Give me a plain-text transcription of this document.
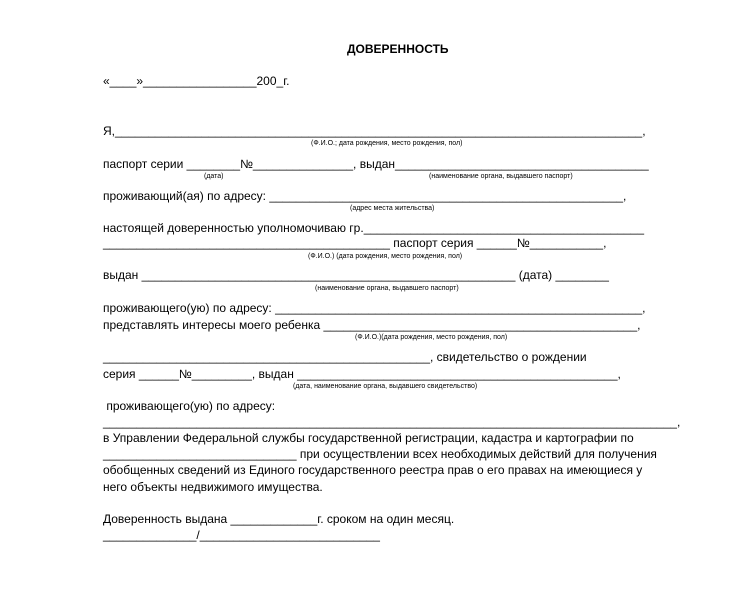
ДОВЕРЕННОСТЬ
«____»_________________200_г.
Я,_______________________________________________________________________________,
(Ф.И.О.; дата рождения, место рождения, пол)
паспорт серии ________№_______________, выдан______________________________________
(дата)	(наименование органа, выдавшего паспорт)
проживающий(ая) по адресу: _____________________________________________________,
(адрес места жительства)
настоящей доверенностью уполномочиваю гр.__________________________________________
___________________________________________ паспорт серия ______№___________,
(Ф.И.О.) (дата рождения, место рождения, пол)
выдан ________________________________________________________ (дата) ________
(наименование органа, выдавшего паспорт)
проживающего(ую) по адресу: _______________________________________________________,
представлять интересы моего ребенка _______________________________________________,
(Ф.И.О.)(дата рождения, место рождения, пол)
_________________________________________________, свидетельство о рождении
серия ______№_________, выдан ________________________________________________,
(дата, наименование органа, выдавшего свидетельство)
проживающего(ую) по адресу:
______________________________________________________________________________________,
в Управлении Федеральной службы государственной регистрации, кадастра и картографии по
_____________________________ при осуществлении всех необходимых действий для получения
обобщенных сведений из Единого государственного реестра прав о его правах на имеющиеся у
него объекты недвижимого имущества.
Доверенность выдана _____________г. сроком на один месяц.
______________/___________________________
